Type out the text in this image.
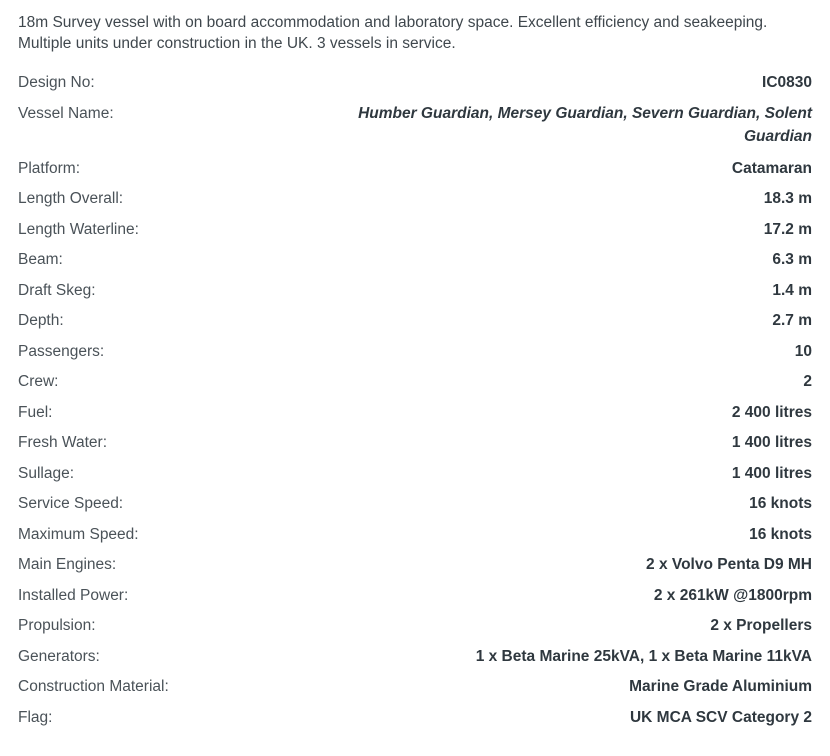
18m Survey vessel with on board accommodation and laboratory space. Excellent efficiency and seakeeping. Multiple units under construction in the UK. 3 vessels in service.

Design No:	IC0830
Vessel Name:	Humber Guardian, Mersey Guardian, Severn Guardian, Solent Guardian
Platform:	Catamaran
Length Overall:	18.3 m
Length Waterline:	17.2 m
Beam:	6.3 m
Draft Skeg:	1.4 m
Depth:	2.7 m
Passengers:	10
Crew:	2
Fuel:	2 400 litres
Fresh Water:	1 400 litres
Sullage:	1 400 litres
Service Speed:	16 knots
Maximum Speed:	16 knots
Main Engines:	2 x Volvo Penta D9 MH
Installed Power:	2 x 261kW @1800rpm
Propulsion:	2 x Propellers
Generators:	1 x Beta Marine 25kVA, 1 x Beta Marine 11kVA
Construction Material:	Marine Grade Aluminium
Flag:	UK MCA SCV Category 2
